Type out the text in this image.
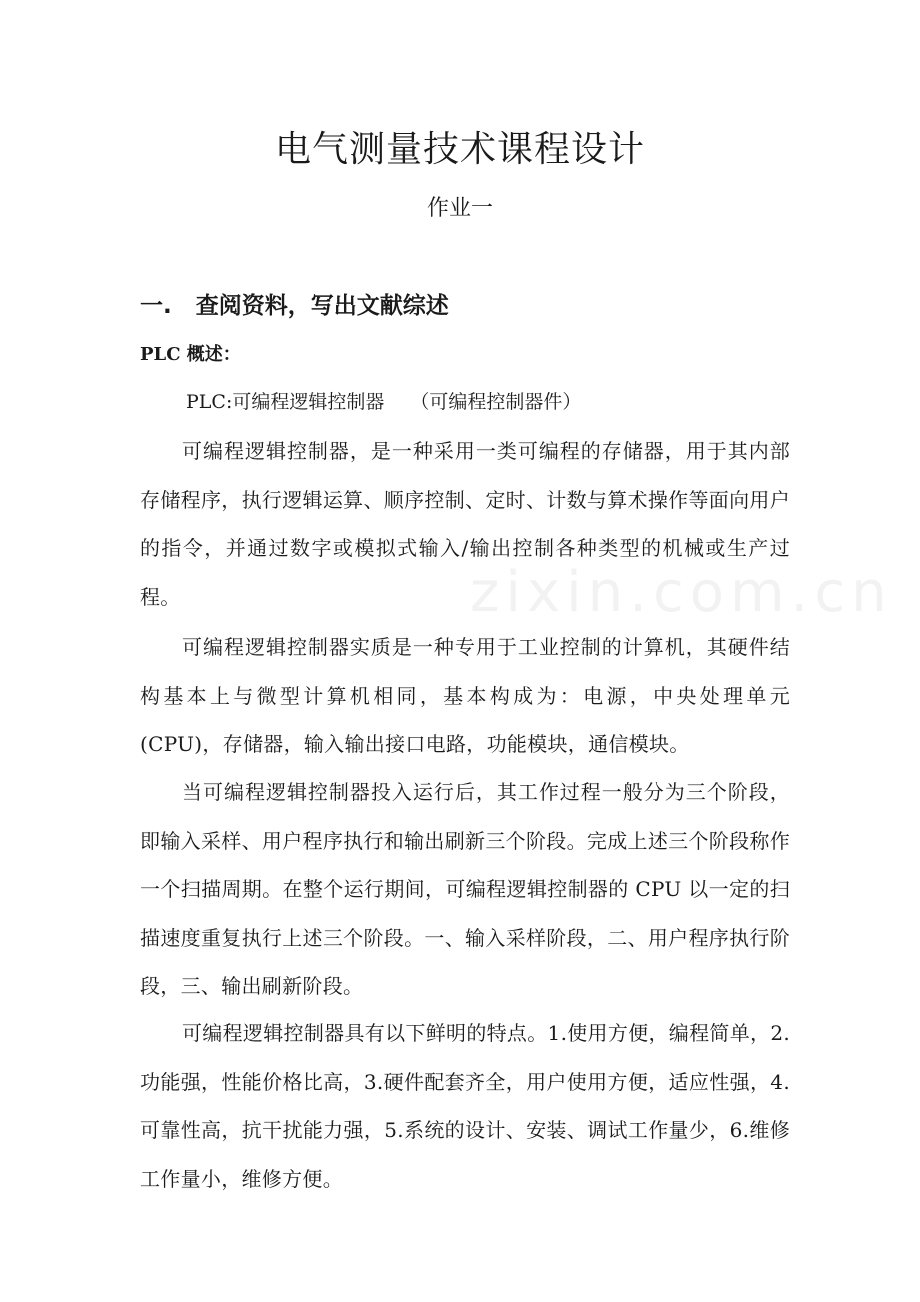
电气测量技术课程设计
作业一
一. 查阅资料，写出文献综述
PLC 概述：
PLC:可编程逻辑控制器 （可编程控制器件）
可编程逻辑控制器，是一种采用一类可编程的存储器，用于其内部存储程序，执行逻辑运算、顺序控制、定时、计数与算术操作等面向用户的指令，并通过数字或模拟式输入/输出控制各种类型的机械或生产过程。
可编程逻辑控制器实质是一种专用于工业控制的计算机，其硬件结构基本上与微型计算机相同，基本构成为：电源，中央处理单元(CPU)，存储器，输入输出接口电路，功能模块，通信模块。
当可编程逻辑控制器投入运行后，其工作过程一般分为三个阶段，即输入采样、用户程序执行和输出刷新三个阶段。完成上述三个阶段称作一个扫描周期。在整个运行期间，可编程逻辑控制器的 CPU 以一定的扫描速度重复执行上述三个阶段。一、输入采样阶段，二、用户程序执行阶段，三、输出刷新阶段。
可编程逻辑控制器具有以下鲜明的特点。1.使用方便，编程简单，2.功能强，性能价格比高，3.硬件配套齐全，用户使用方便，适应性强，4.可靠性高，抗干扰能力强，5.系统的设计、安装、调试工作量少，6.维修工作量小，维修方便。
zixin.com.cn
